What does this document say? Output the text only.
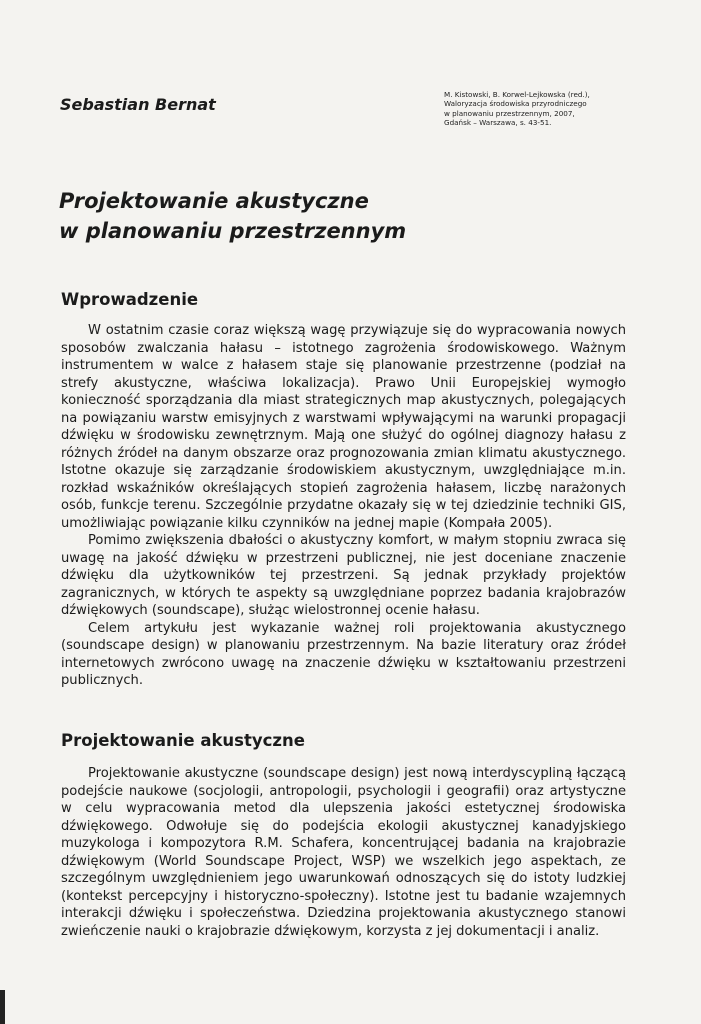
Sebastian Bernat
M. Kistowski, B. Korwel-Lejkowska (red.),
Waloryzacja środowiska przyrodniczego
w planowaniu przestrzennym, 2007,
Gdańsk – Warszawa, s. 43-51.
Projektowanie akustyczne
w planowaniu przestrzennym
Wprowadzenie

W ostatnim czasie coraz większą wagę przywiązuje się do wypracowania nowych sposobów zwalczania hałasu – istotnego zagrożenia środowiskowego. Ważnym instrumentem w walce z hałasem staje się planowanie przestrzenne (podział na strefy akustyczne, właściwa lokalizacja). Prawo Unii Europejskiej wymogło konieczność sporządzania dla miast strategicznych map akustycznych, polegających na powiązaniu warstw emisyjnych z warstwami wpływającymi na warunki propagacji dźwięku w środowisku zewnętrznym. Mają one służyć do ogólnej diagnozy hałasu z różnych źródeł na danym obszarze oraz prognozowania zmian klimatu akustycznego. Istotne okazuje się zarządzanie środowiskiem akustycznym, uwzględniające m.in. rozkład wskaźników określających stopień zagrożenia hałasem, liczbę narażonych osób, funkcje terenu. Szczególnie przydatne okazały się w tej dziedzinie techniki GIS, umożliwiając powiązanie kilku czynników na jednej mapie (Kompała 2005).

Pomimo zwiększenia dbałości o akustyczny komfort, w małym stopniu zwraca się uwagę na jakość dźwięku w przestrzeni publicznej, nie jest doceniane znaczenie dźwięku dla użytkowników tej przestrzeni. Są jednak przykłady projektów zagranicznych, w których te aspekty są uwzględniane poprzez badania krajobrazów dźwiękowych (soundscape), służąc wielostronnej ocenie hałasu.

Celem artykułu jest wykazanie ważnej roli projektowania akustycznego (soundscape design) w planowaniu przestrzennym. Na bazie literatury oraz źródeł internetowych zwrócono uwagę na znaczenie dźwięku w kształtowaniu przestrzeni publicznych.

Projektowanie akustyczne

Projektowanie akustyczne (soundscape design) jest nową interdyscypliną łączącą podejście naukowe (socjologii, antropologii, psychologii i geografii) oraz artystyczne w celu wypracowania metod dla ulepszenia jakości estetycznej środowiska dźwiękowego. Odwołuje się do podejścia ekologii akustycznej kanadyjskiego muzykologa i kompozytora R.M. Schafera, koncentrującej badania na krajobrazie dźwiękowym (World Soundscape Project, WSP) we wszelkich jego aspektach, ze szczególnym uwzględnieniem jego uwarunkowań odnoszących się do istoty ludzkiej (kontekst percepcyjny i historyczno-społeczny). Istotne jest tu badanie wzajemnych interakcji dźwięku i społeczeństwa. Dziedzina projektowania akustycznego stanowi zwieńczenie nauki o krajobrazie dźwiękowym, korzysta z jej dokumentacji i analiz.
